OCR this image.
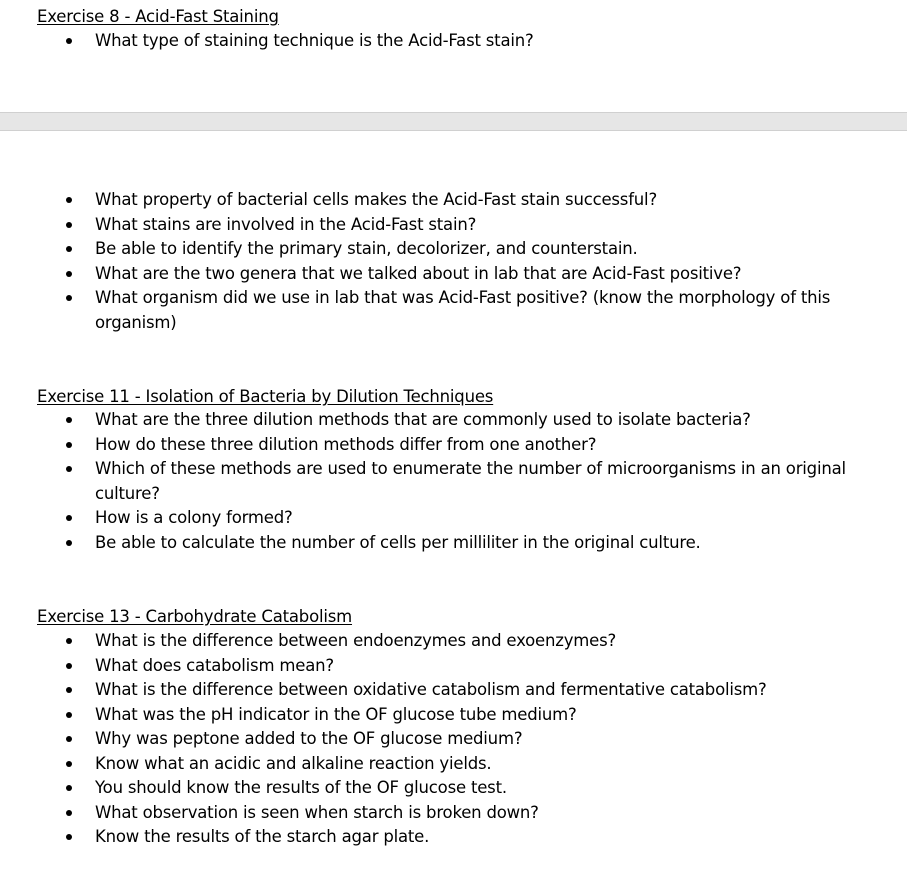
Exercise 8 - Acid-Fast Staining
What type of staining technique is the Acid-Fast stain?
What property of bacterial cells makes the Acid-Fast stain successful?
What stains are involved in the Acid-Fast stain?
Be able to identify the primary stain, decolorizer, and counterstain.
What are the two genera that we talked about in lab that are Acid-Fast positive?
What organism did we use in lab that was Acid-Fast positive? (know the morphology of this organism)
Exercise 11 - Isolation of Bacteria by Dilution Techniques
What are the three dilution methods that are commonly used to isolate bacteria?
How do these three dilution methods differ from one another?
Which of these methods are used to enumerate the number of microorganisms in an original culture?
How is a colony formed?
Be able to calculate the number of cells per milliliter in the original culture.
Exercise 13 - Carbohydrate Catabolism
What is the difference between endoenzymes and exoenzymes?
What does catabolism mean?
What is the difference between oxidative catabolism and fermentative catabolism?
What was the pH indicator in the OF glucose tube medium?
Why was peptone added to the OF glucose medium?
Know what an acidic and alkaline reaction yields.
You should know the results of the OF glucose test.
What observation is seen when starch is broken down?
Know the results of the starch agar plate.
